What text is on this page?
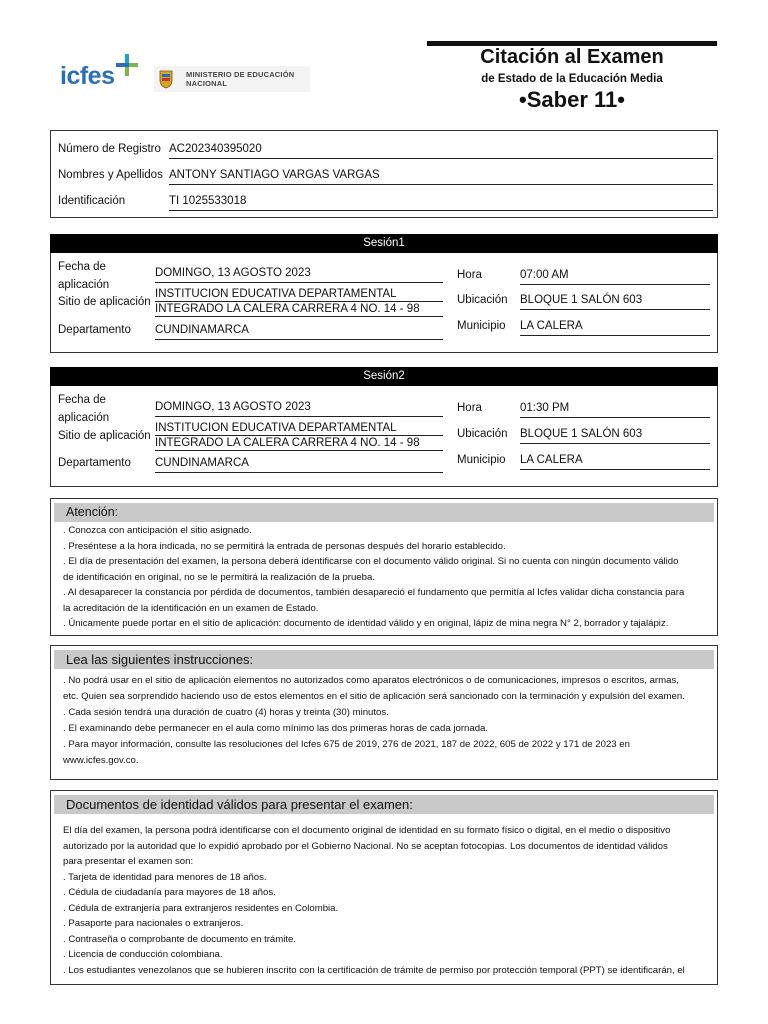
icfes	MINISTERIO DE EDUCACIÓN
NACIONAL
Citación al Examen
de Estado de la Educación Media
•Saber 11•
Número de Registro AC202340395020
Nombres y Apellidos ANTONY SANTIAGO VARGAS VARGAS
Identificación	TI 1025533018
Sesión1
Fecha de
aplicación
DOMINGO, 13 AGOSTO 2023
Sitio de aplicación
INSTITUCION EDUCATIVA DEPARTAMENTAL
INTEGRADO LA CALERA CARRERA 4 NO. 14 - 98
Departamento CUNDINAMARCA
Hora	07:00 AM
Ubicación BLOQUE 1 SALÓN 603
Municipio LA CALERA
Sesión2
Fecha de
aplicación
DOMINGO, 13 AGOSTO 2023
Sitio de aplicación
INSTITUCION EDUCATIVA DEPARTAMENTAL
INTEGRADO LA CALERA CARRERA 4 NO. 14 - 98
Departamento CUNDINAMARCA
Hora	01:30 PM
Ubicación BLOQUE 1 SALÓN 603
Municipio LA CALERA
Atención:

. Conozca con anticipación el sitio asignado.

. Preséntese a la hora indicada, no se permitirá la entrada de personas después del horario establecido.

. El día de presentación del examen, la persona deberá identificarse con el documento válido original. Si no cuenta con ningún documento válido

de identificación en original, no se le permitirá la realización de la prueba.

. Al desaparecer la constancia por pérdida de documentos, también desapareció el fundamento que permitía al Icfes validar dicha constancia para

la acreditación de la identificación en un examen de Estado.

. Únicamente puede portar en el sitio de aplicación: documento de identidad válido y en original, lápiz de mina negra N° 2, borrador y tajalápiz.

Lea las siguientes instrucciones:

. No podrá usar en el sitio de aplicación elementos no autorizados como aparatos electrónicos o de comunicaciones, impresos o escritos, armas,

etc. Quien sea sorprendido haciendo uso de estos elementos en el sitio de aplicación será sancionado con la terminación y expulsión del examen.

. Cada sesión tendrá una duración de cuatro (4) horas y treinta (30) minutos.

. El examinando debe permanecer en el aula como mínimo las dos primeras horas de cada jornada.

. Para mayor información, consulte las resoluciones del Icfes 675 de 2019, 276 de 2021, 187 de 2022, 605 de 2022 y 171 de 2023 en

www.icfes.gov.co.

Documentos de identidad válidos para presentar el examen:

El día del examen, la persona podrá identificarse con el documento original de identidad en su formato físico o digital, en el medio o dispositivo

autorizado por la autoridad que lo expidió aprobado por el Gobierno Nacional. No se aceptan fotocopias. Los documentos de identidad válidos

para presentar el examen son:

. Tarjeta de identidad para menores de 18 años.

. Cédula de ciudadanía para mayores de 18 años.

. Cédula de extranjería para extranjeros residentes en Colombia.

. Pasaporte para nacionales o extranjeros.

. Contraseña o comprobante de documento en trámite.

. Licencia de conducción colombiana.

. Los estudiantes venezolanos que se hubieren inscrito con la certificación de trámite de permiso por protección temporal (PPT) se identificarán, el
